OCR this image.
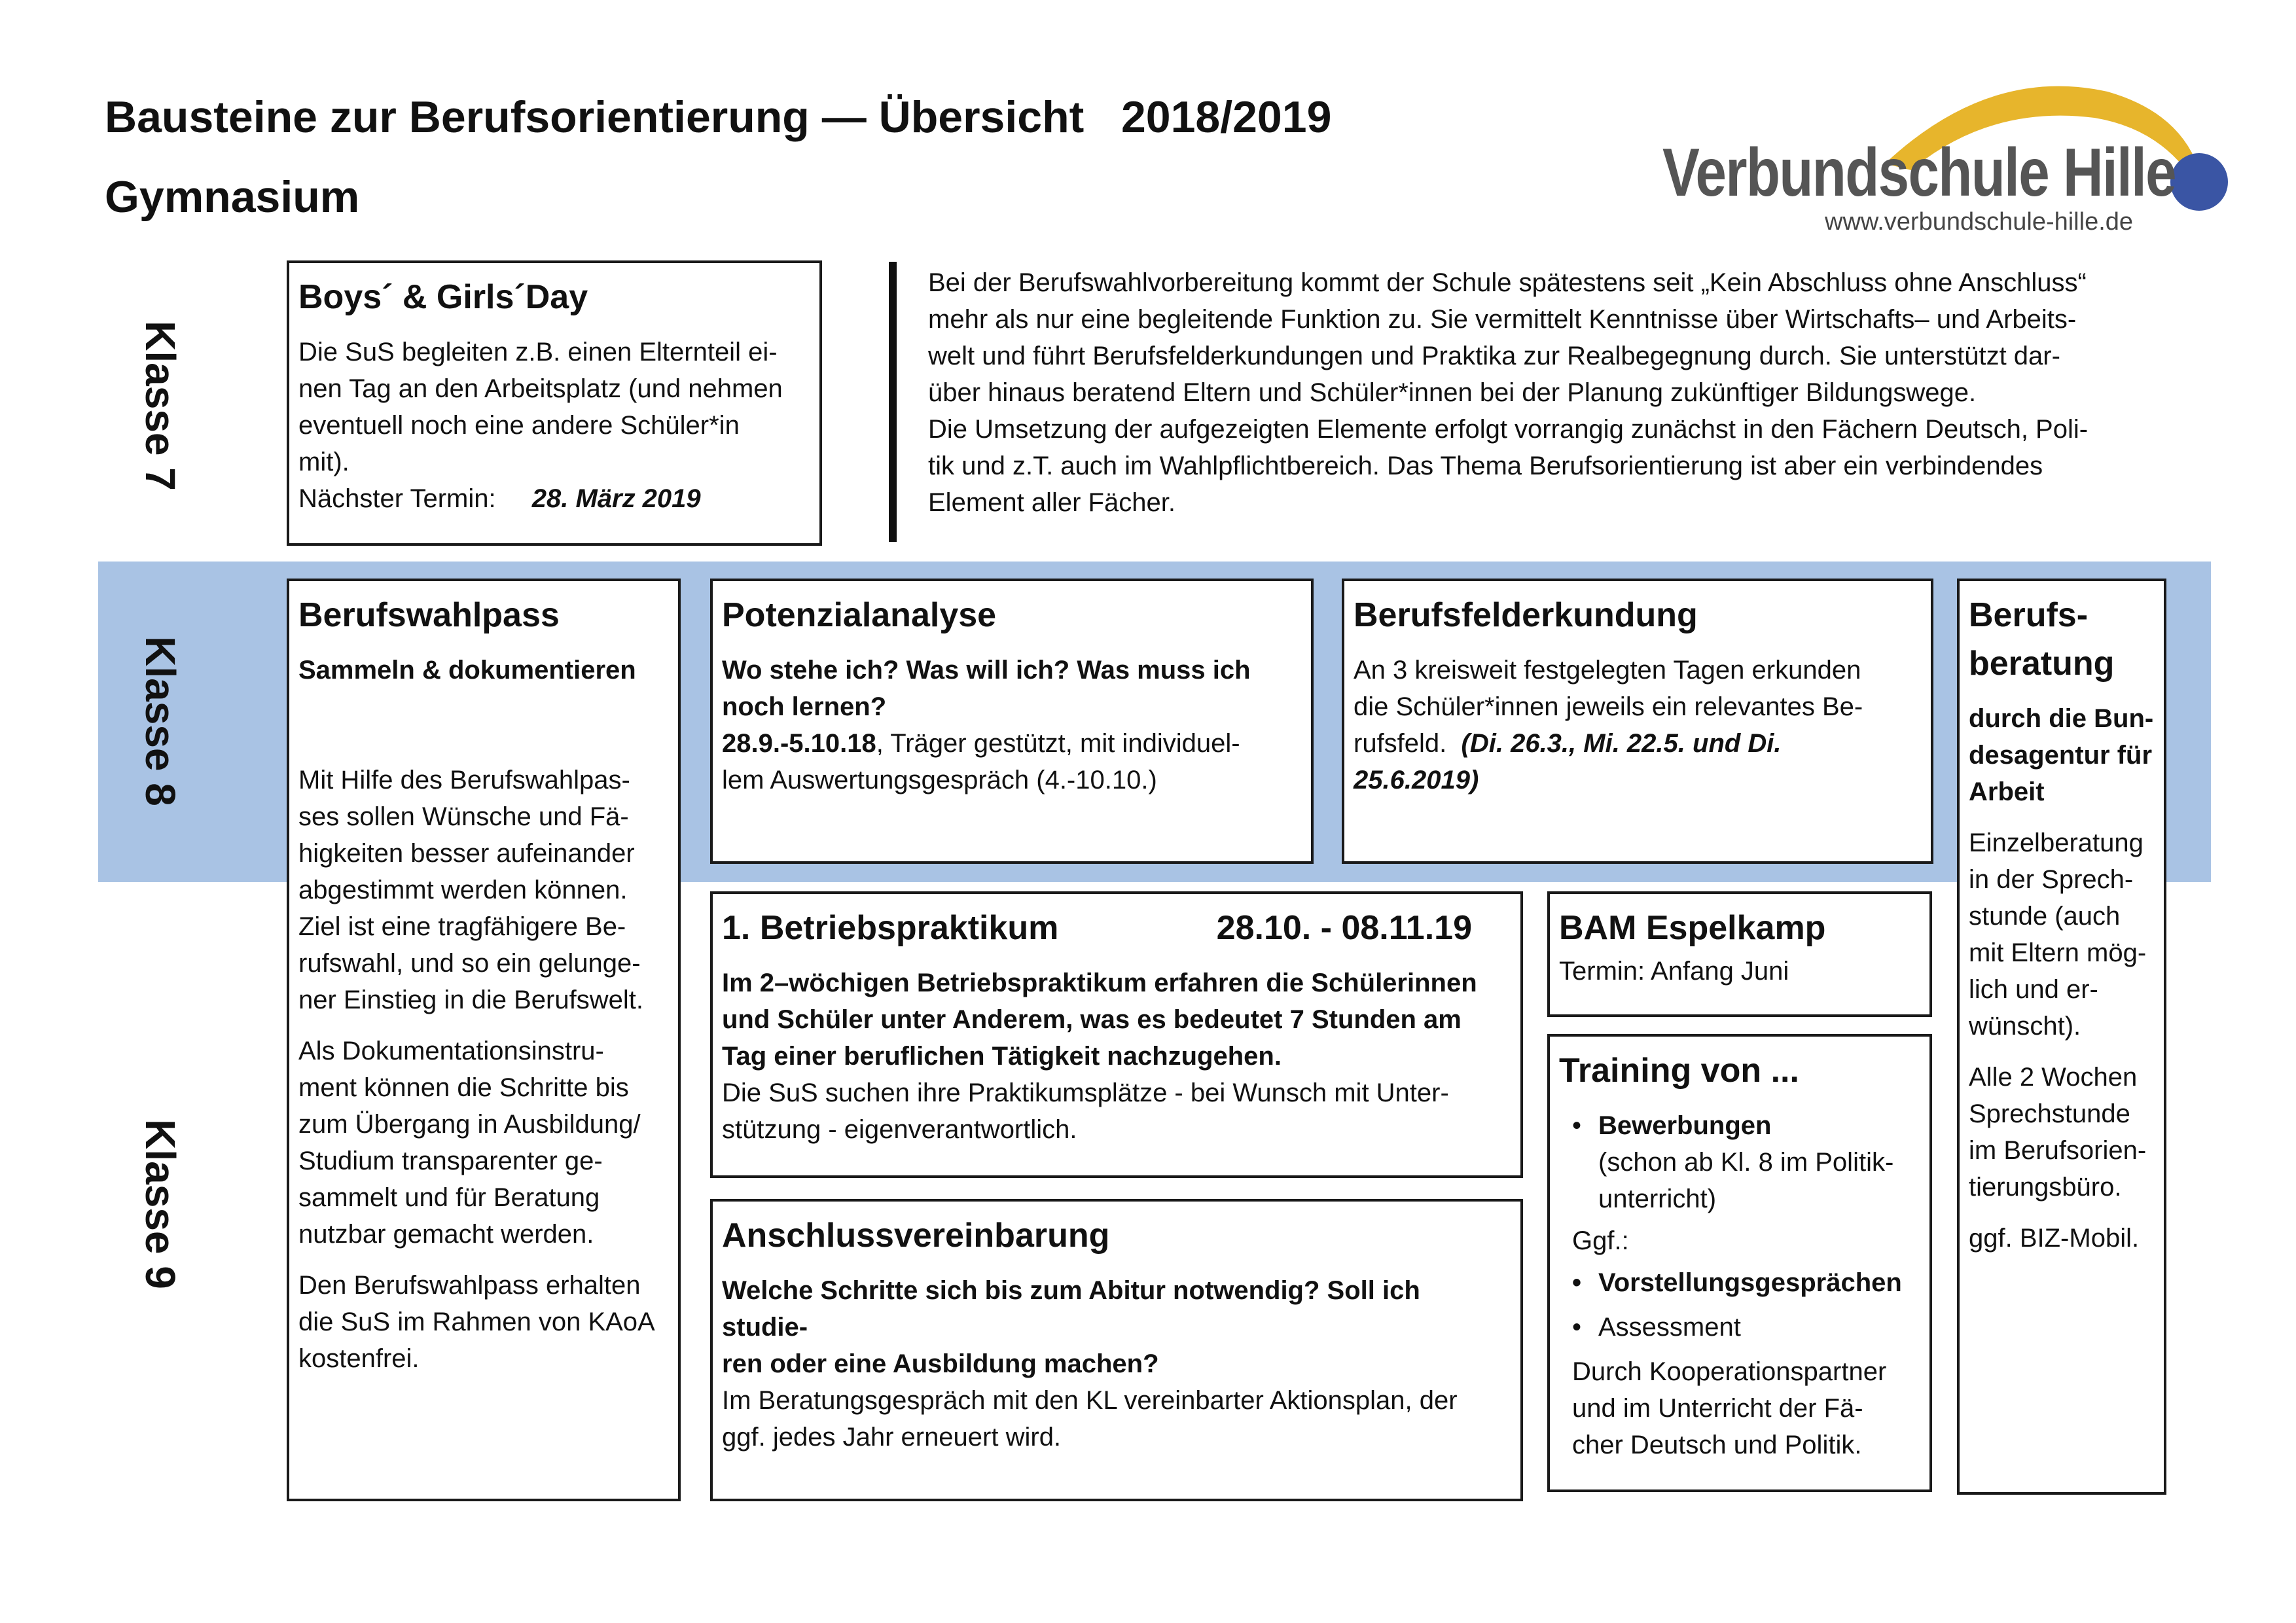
Bausteine zur Berufsorientierung — Übersicht   2018/2019
Gymnasium	Verbundschule Hille
www.verbundschule-hille.de
Klasse 7
Klasse 8
Klasse 9
Boys´ & Girls´Day

Die SuS begleiten z.B. einen Elternteil ei-

nen Tag an den Arbeitsplatz (und nehmen

eventuell noch eine andere Schüler*in

mit).

Nächster Termin: 28. März 2019

Bei der Berufswahlvorbereitung kommt der Schule spätestens seit „Kein Abschluss ohne Anschluss“
mehr als nur eine begleitende Funktion zu. Sie vermittelt Kenntnisse über Wirtschafts– und Arbeits-
welt und führt Berufsfelderkundungen und Praktika zur Realbegegnung durch. Sie unterstützt dar-
über hinaus beratend Eltern und Schüler*innen bei der Planung zukünftiger Bildungswege.
Die Umsetzung der aufgezeigten Elemente erfolgt vorrangig zunächst in den Fächern Deutsch, Poli-
tik und z.T. auch im Wahlpflichtbereich. Das Thema Berufsorientierung ist aber ein verbindendes
Element aller Fächer.
Berufswahlpass

Sammeln & dokumentieren

Mit Hilfe des Berufswahlpas-

ses sollen Wünsche und Fä-

higkeiten besser aufeinander

abgestimmt werden können.

Ziel ist eine tragfähigere Be-

rufswahl, und so ein gelunge-

ner Einstieg in die Berufswelt.

Als Dokumentationsinstru-

ment können die Schritte bis

zum Übergang in Ausbildung/

Studium transparenter ge-

sammelt und für Beratung

nutzbar gemacht werden.

Den Berufswahlpass erhalten

die SuS im Rahmen von KAoA

kostenfrei.

Potenzialanalyse

Wo stehe ich? Was will ich? Was muss ich

noch lernen?

28.9.-5.10.18, Träger gestützt, mit individuel-

lem Auswertungsgespräch (4.-10.10.)

Berufsfelderkundung

An 3 kreisweit festgelegten Tagen erkunden

die Schüler*innen jeweils ein relevantes Be-

rufsfeld. (Di. 26.3., Mi. 22.5. und Di.

25.6.2019)

Berufs-
beratung

durch die Bun-

desagentur für

Arbeit

Einzelberatung

in der Sprech-

stunde (auch

mit Eltern mög-

lich und er-

wünscht).

Alle 2 Wochen

Sprechstunde

im Berufsorien-

tierungsbüro.

ggf. BIZ-Mobil.

1. Betriebspraktikum	28.10. - 08.11.19

Im 2–wöchigen Betriebspraktikum erfahren die Schülerinnen

und Schüler unter Anderem, was es bedeutet 7 Stunden am

Tag einer beruflichen Tätigkeit nachzugehen.

Die SuS suchen ihre Praktikumsplätze - bei Wunsch mit Unter-

stützung - eigenverantwortlich.

BAM Espelkamp

Termin: Anfang Juni

Training von ...
• Bewerbungen
(schon ab Kl. 8 im Politik-
unterricht)

Ggf.:

• Vorstellungsgesprächen
• Assessment

Durch Kooperationspartner

und im Unterricht der Fä-

cher Deutsch und Politik.

Anschlussvereinbarung

Welche Schritte sich bis zum Abitur notwendig? Soll ich studie-

ren oder eine Ausbildung machen?

Im Beratungsgespräch mit den KL vereinbarter Aktionsplan, der

ggf. jedes Jahr erneuert wird.
